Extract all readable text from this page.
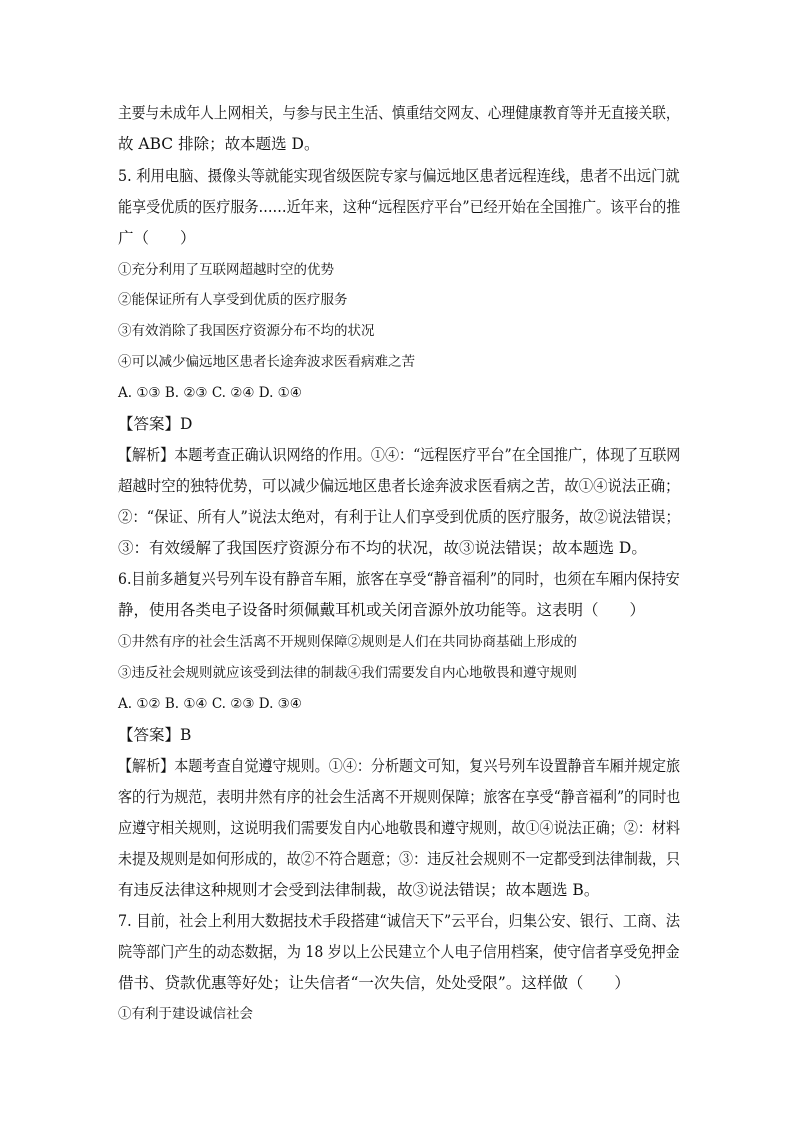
主要与未成年人上网相关，与参与民主生活、慎重结交网友、心理健康教育等并无直接关联，
故 ABC 排除；故本题选 D。
5. 利用电脑、摄像头等就能实现省级医院专家与偏远地区患者远程连线，患者不出远门就
能享受优质的医疗服务……近年来，这种“远程医疗平台”已经开始在全国推广。该平台的推
广（　　）
①充分利用了互联网超越时空的优势
②能保证所有人享受到优质的医疗服务
③有效消除了我国医疗资源分布不均的状况
④可以减少偏远地区患者长途奔波求医看病难之苦
A. ①③ B. ②③ C. ②④ D. ①④
【答案】D
【解析】本题考查正确认识网络的作用。①④：“远程医疗平台”在全国推广，体现了互联网
超越时空的独特优势，可以减少偏远地区患者长途奔波求医看病之苦，故①④说法正确；
②：“保证、所有人”说法太绝对，有利于让人们享受到优质的医疗服务，故②说法错误；
③：有效缓解了我国医疗资源分布不均的状况，故③说法错误；故本题选 D。
6.目前多趟复兴号列车设有静音车厢，旅客在享受“静音福利”的同时，也须在车厢内保持安
静，使用各类电子设备时须佩戴耳机或关闭音源外放功能等。这表明（　　）
①井然有序的社会生活离不开规则保障②规则是人们在共同协商基础上形成的
③违反社会规则就应该受到法律的制裁④我们需要发自内心地敬畏和遵守规则
A. ①② B. ①④ C. ②③ D. ③④
【答案】B
【解析】本题考查自觉遵守规则。①④：分析题文可知，复兴号列车设置静音车厢并规定旅
客的行为规范，表明井然有序的社会生活离不开规则保障；旅客在享受“静音福利”的同时也
应遵守相关规则，这说明我们需要发自内心地敬畏和遵守规则，故①④说法正确；②：材料
未提及规则是如何形成的，故②不符合题意；③：违反社会规则不一定都受到法律制裁，只
有违反法律这种规则才会受到法律制裁，故③说法错误；故本题选 B。
7. 目前，社会上利用大数据技术手段搭建“诚信天下”云平台，归集公安、银行、工商、法
院等部门产生的动态数据，为 18 岁以上公民建立个人电子信用档案，使守信者享受免押金
借书、贷款优惠等好处；让失信者“一次失信，处处受限”。这样做（　　）
①有利于建设诚信社会
